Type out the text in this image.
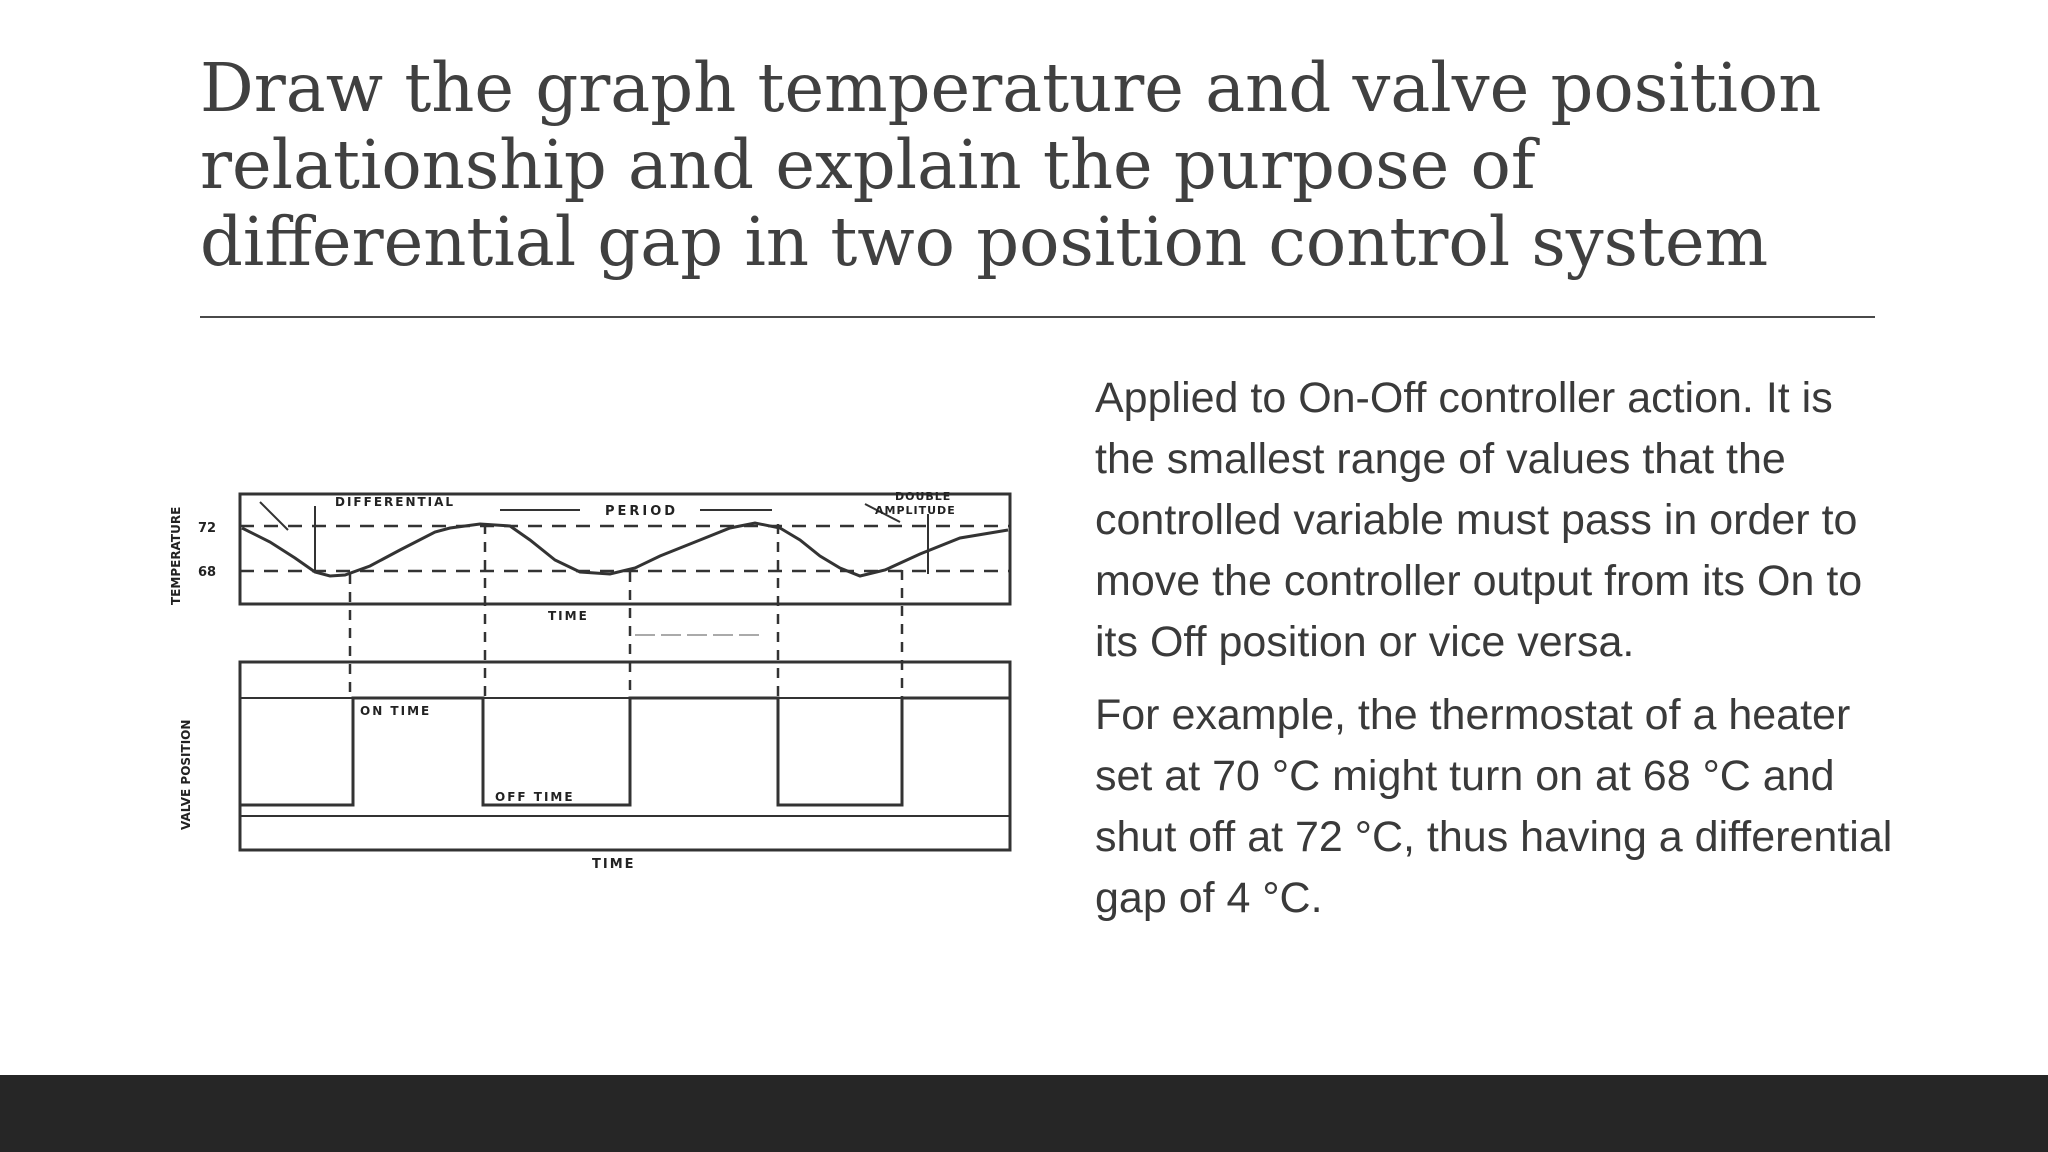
Draw the graph temperature and valve position relationship and explain the purpose of differential gap in two position control system
DIFFERENTIAL
PERIOD
DOUBLE
AMPLITUDE
72
68
TEMPERATURE
TIME
ON TIME
OFF TIME
VALVE POSITION
TIME

Applied to On-Off controller action. It is the smallest range of values that the controlled variable must pass in order to move the controller output from its On to its Off position or vice versa.

For example, the thermostat of a heater set at 70 °C might turn on at 68 °C and shut off at 72 °C, thus having a differential gap of 4 °C.
